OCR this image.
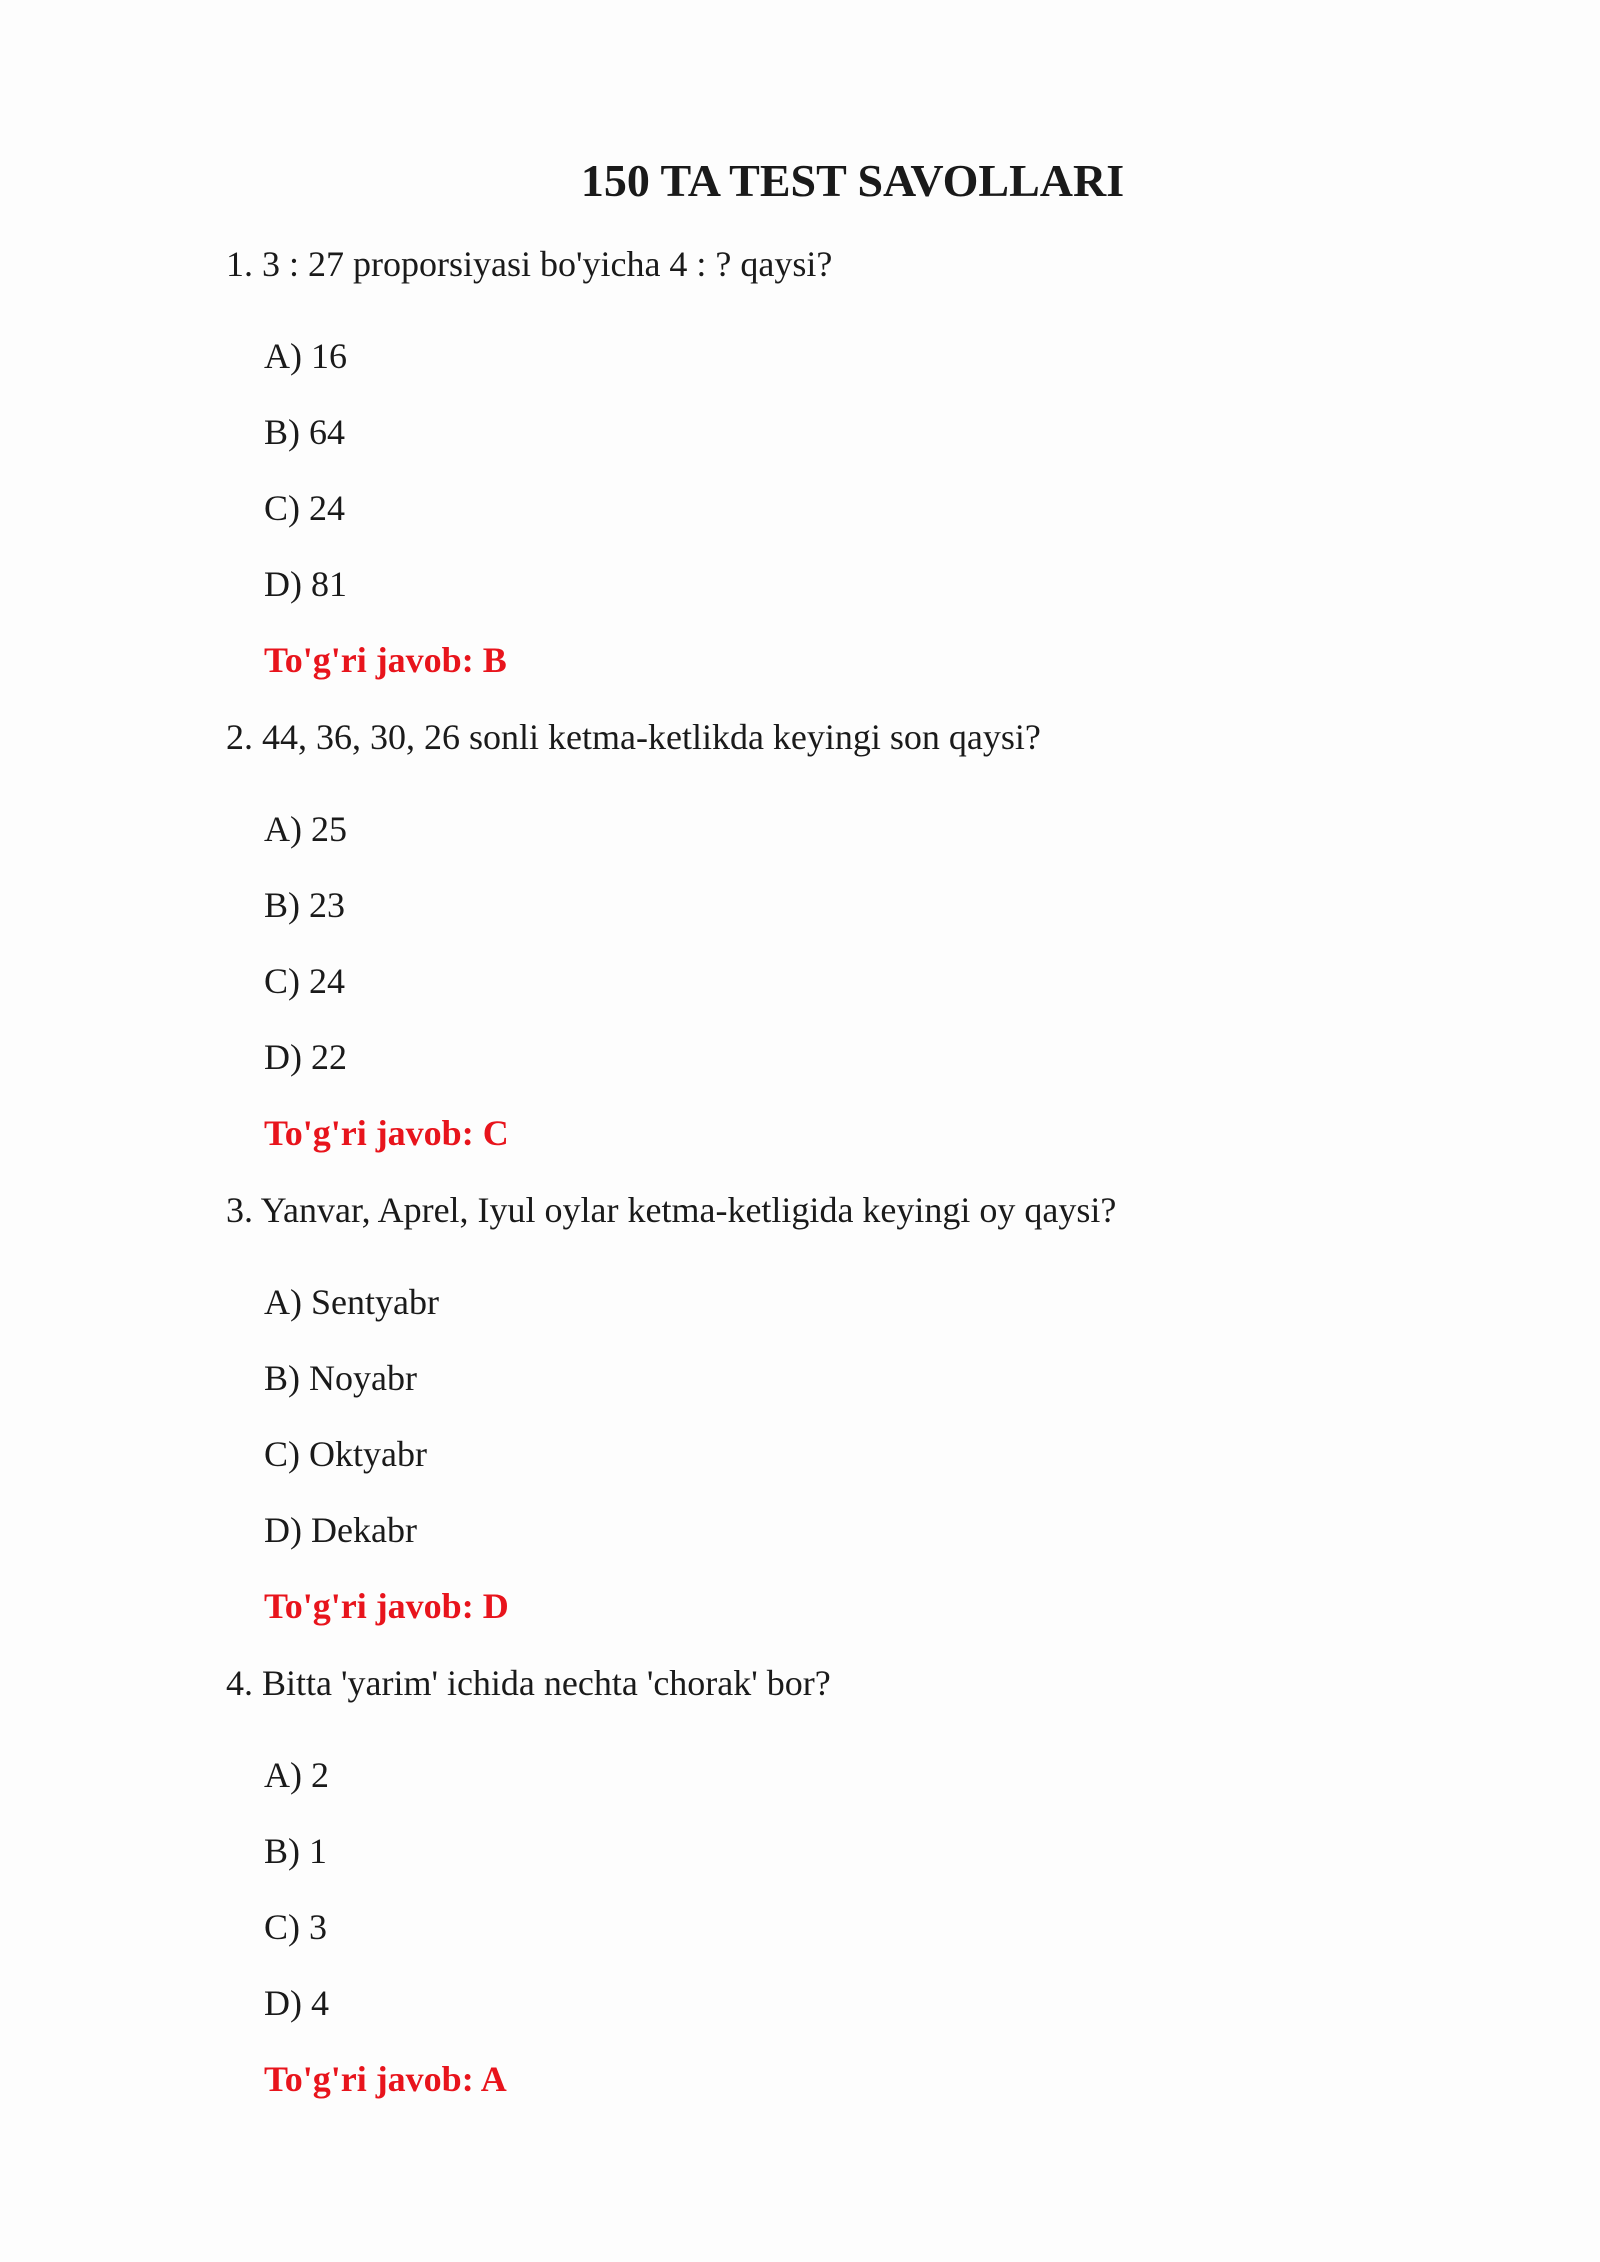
150 TA TEST SAVOLLARI

1. 3 : 27 proporsiyasi bo'yicha 4 : ? qaysi?

A) 16
B) 64
C) 24
D) 81

To'g'ri javob: B

2. 44, 36, 30, 26 sonli ketma-ketlikda keyingi son qaysi?

A) 25
B) 23
C) 24
D) 22

To'g'ri javob: C

3. Yanvar, Aprel, Iyul oylar ketma-ketligida keyingi oy qaysi?

A) Sentyabr
B) Noyabr
C) Oktyabr
D) Dekabr

To'g'ri javob: D

4. Bitta 'yarim' ichida nechta 'chorak' bor?

A) 2
B) 1
C) 3
D) 4

To'g'ri javob: A
